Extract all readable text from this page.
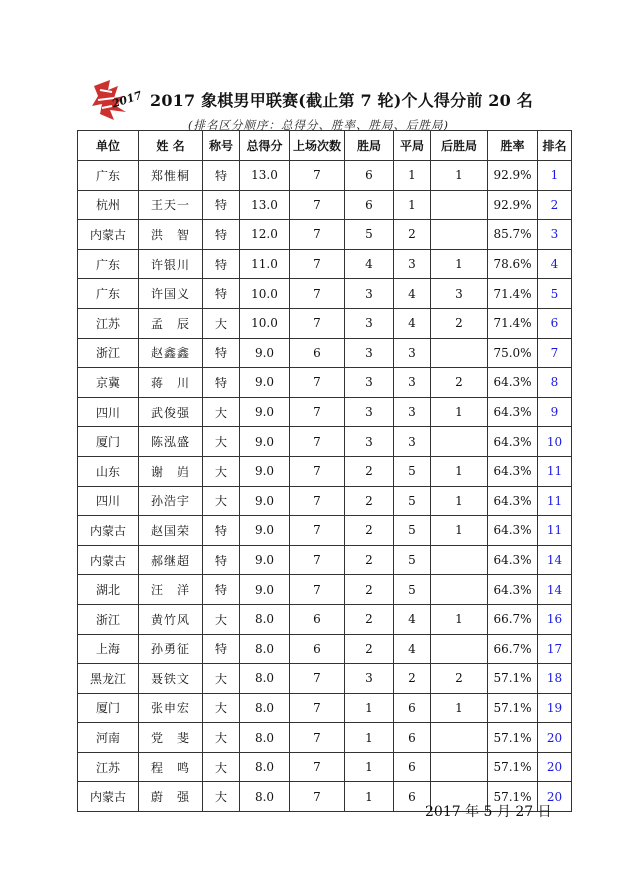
2017 2017 象棋男甲联赛(截止第 7 轮)个人得分前 20 名
(排名区分顺序：总得分、胜率、胜局、后胜局)
单位	姓 名	称号	总得分	上场次数	胜局	平局	后胜局	胜率	排名
广东	郑惟桐	特	13.0	7	6	1	1	92.9%	1
杭州	王天一	特	13.0	7	6	1		92.9%	2
内蒙古	洪　智	特	12.0	7	5	2		85.7%	3
广东	许银川	特	11.0	7	4	3	1	78.6%	4
广东	许国义	特	10.0	7	3	4	3	71.4%	5
江苏	孟　辰	大	10.0	7	3	4	2	71.4%	6
浙江	赵鑫鑫	特	9.0	6	3	3		75.0%	7
京冀	蒋　川	特	9.0	7	3	3	2	64.3%	8
四川	武俊强	大	9.0	7	3	3	1	64.3%	9
厦门	陈泓盛	大	9.0	7	3	3		64.3%	10
山东	谢　岿	大	9.0	7	2	5	1	64.3%	11
四川	孙浩宇	大	9.0	7	2	5	1	64.3%	11
内蒙古	赵国荣	特	9.0	7	2	5	1	64.3%	11
内蒙古	郝继超	特	9.0	7	2	5		64.3%	14
湖北	汪　洋	特	9.0	7	2	5		64.3%	14
浙江	黄竹风	大	8.0	6	2	4	1	66.7%	16
上海	孙勇征	特	8.0	6	2	4		66.7%	17
黑龙江	聂铁文	大	8.0	7	3	2	2	57.1%	18
厦门	张申宏	大	8.0	7	1	6	1	57.1%	19
河南	党　斐	大	8.0	7	1	6		57.1%	20
江苏	程　鸣	大	8.0	7	1	6		57.1%	20
内蒙古	蔚　强	大	8.0	7	1	6		57.1%	20
2017 年 5 月 27 日
